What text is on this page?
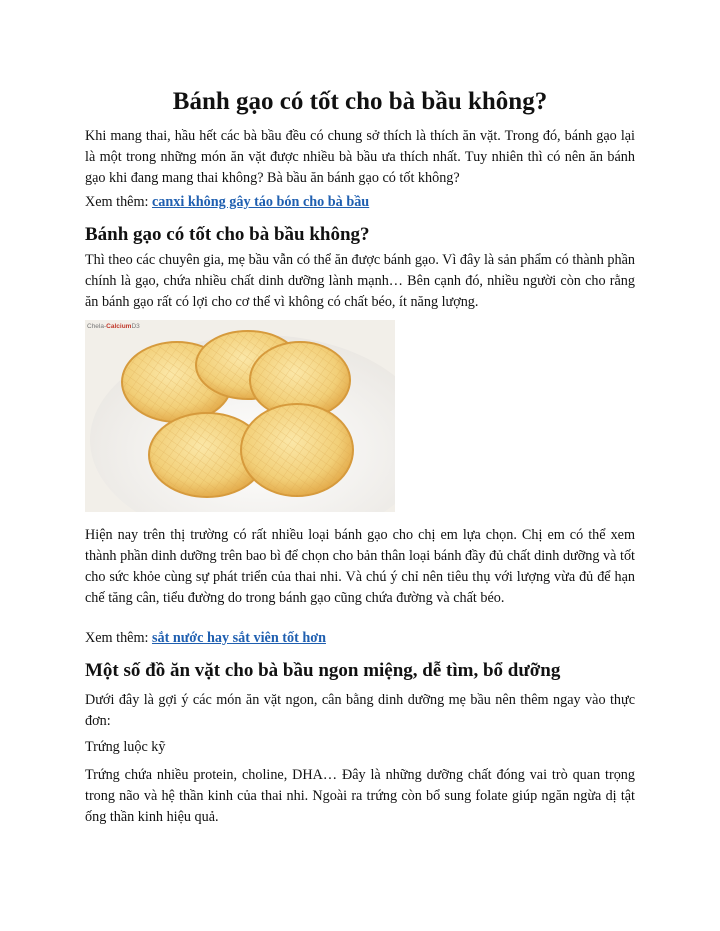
Bánh gạo có tốt cho bà bầu không?

Khi mang thai, hầu hết các bà bầu đều có chung sở thích là thích ăn vặt. Trong đó, bánh gạo lại là một trong những món ăn vặt được nhiều bà bầu ưa thích nhất. Tuy nhiên thì có nên ăn bánh gạo khi đang mang thai không? Bà bầu ăn bánh gạo có tốt không?

Xem thêm: canxi không gây táo bón cho bà bầu

Bánh gạo có tốt cho bà bầu không?

Thì theo các chuyên gia, mẹ bầu vẫn có thể ăn được bánh gạo. Vì đây là sản phẩm có thành phần chính là gạo, chứa nhiều chất dinh dưỡng lành mạnh… Bên cạnh đó, nhiều người còn cho rằng ăn bánh gạo rất có lợi cho cơ thể vì không có chất béo, ít năng lượng.

Chela-CalciumD3

Hiện nay trên thị trường có rất nhiều loại bánh gạo cho chị em lựa chọn. Chị em có thể xem thành phần dinh dưỡng trên bao bì để chọn cho bản thân loại bánh đầy đủ chất dinh dưỡng và tốt cho sức khỏe cùng sự phát triển của thai nhi. Và chú ý chỉ nên tiêu thụ với lượng vừa đủ để hạn chế tăng cân, tiểu đường do trong bánh gạo cũng chứa đường và chất béo.

Xem thêm: sắt nước hay sắt viên tốt hơn

Một số đồ ăn vặt cho bà bầu ngon miệng, dễ tìm, bổ dưỡng

Dưới đây là gợi ý các món ăn vặt ngon, cân bằng dinh dưỡng mẹ bầu nên thêm ngay vào thực đơn:

Trứng luộc kỹ

Trứng chứa nhiều protein, choline, DHA… Đây là những dưỡng chất đóng vai trò quan trọng trong não và hệ thần kinh của thai nhi. Ngoài ra trứng còn bổ sung folate giúp ngăn ngừa dị tật ống thần kinh hiệu quả.
